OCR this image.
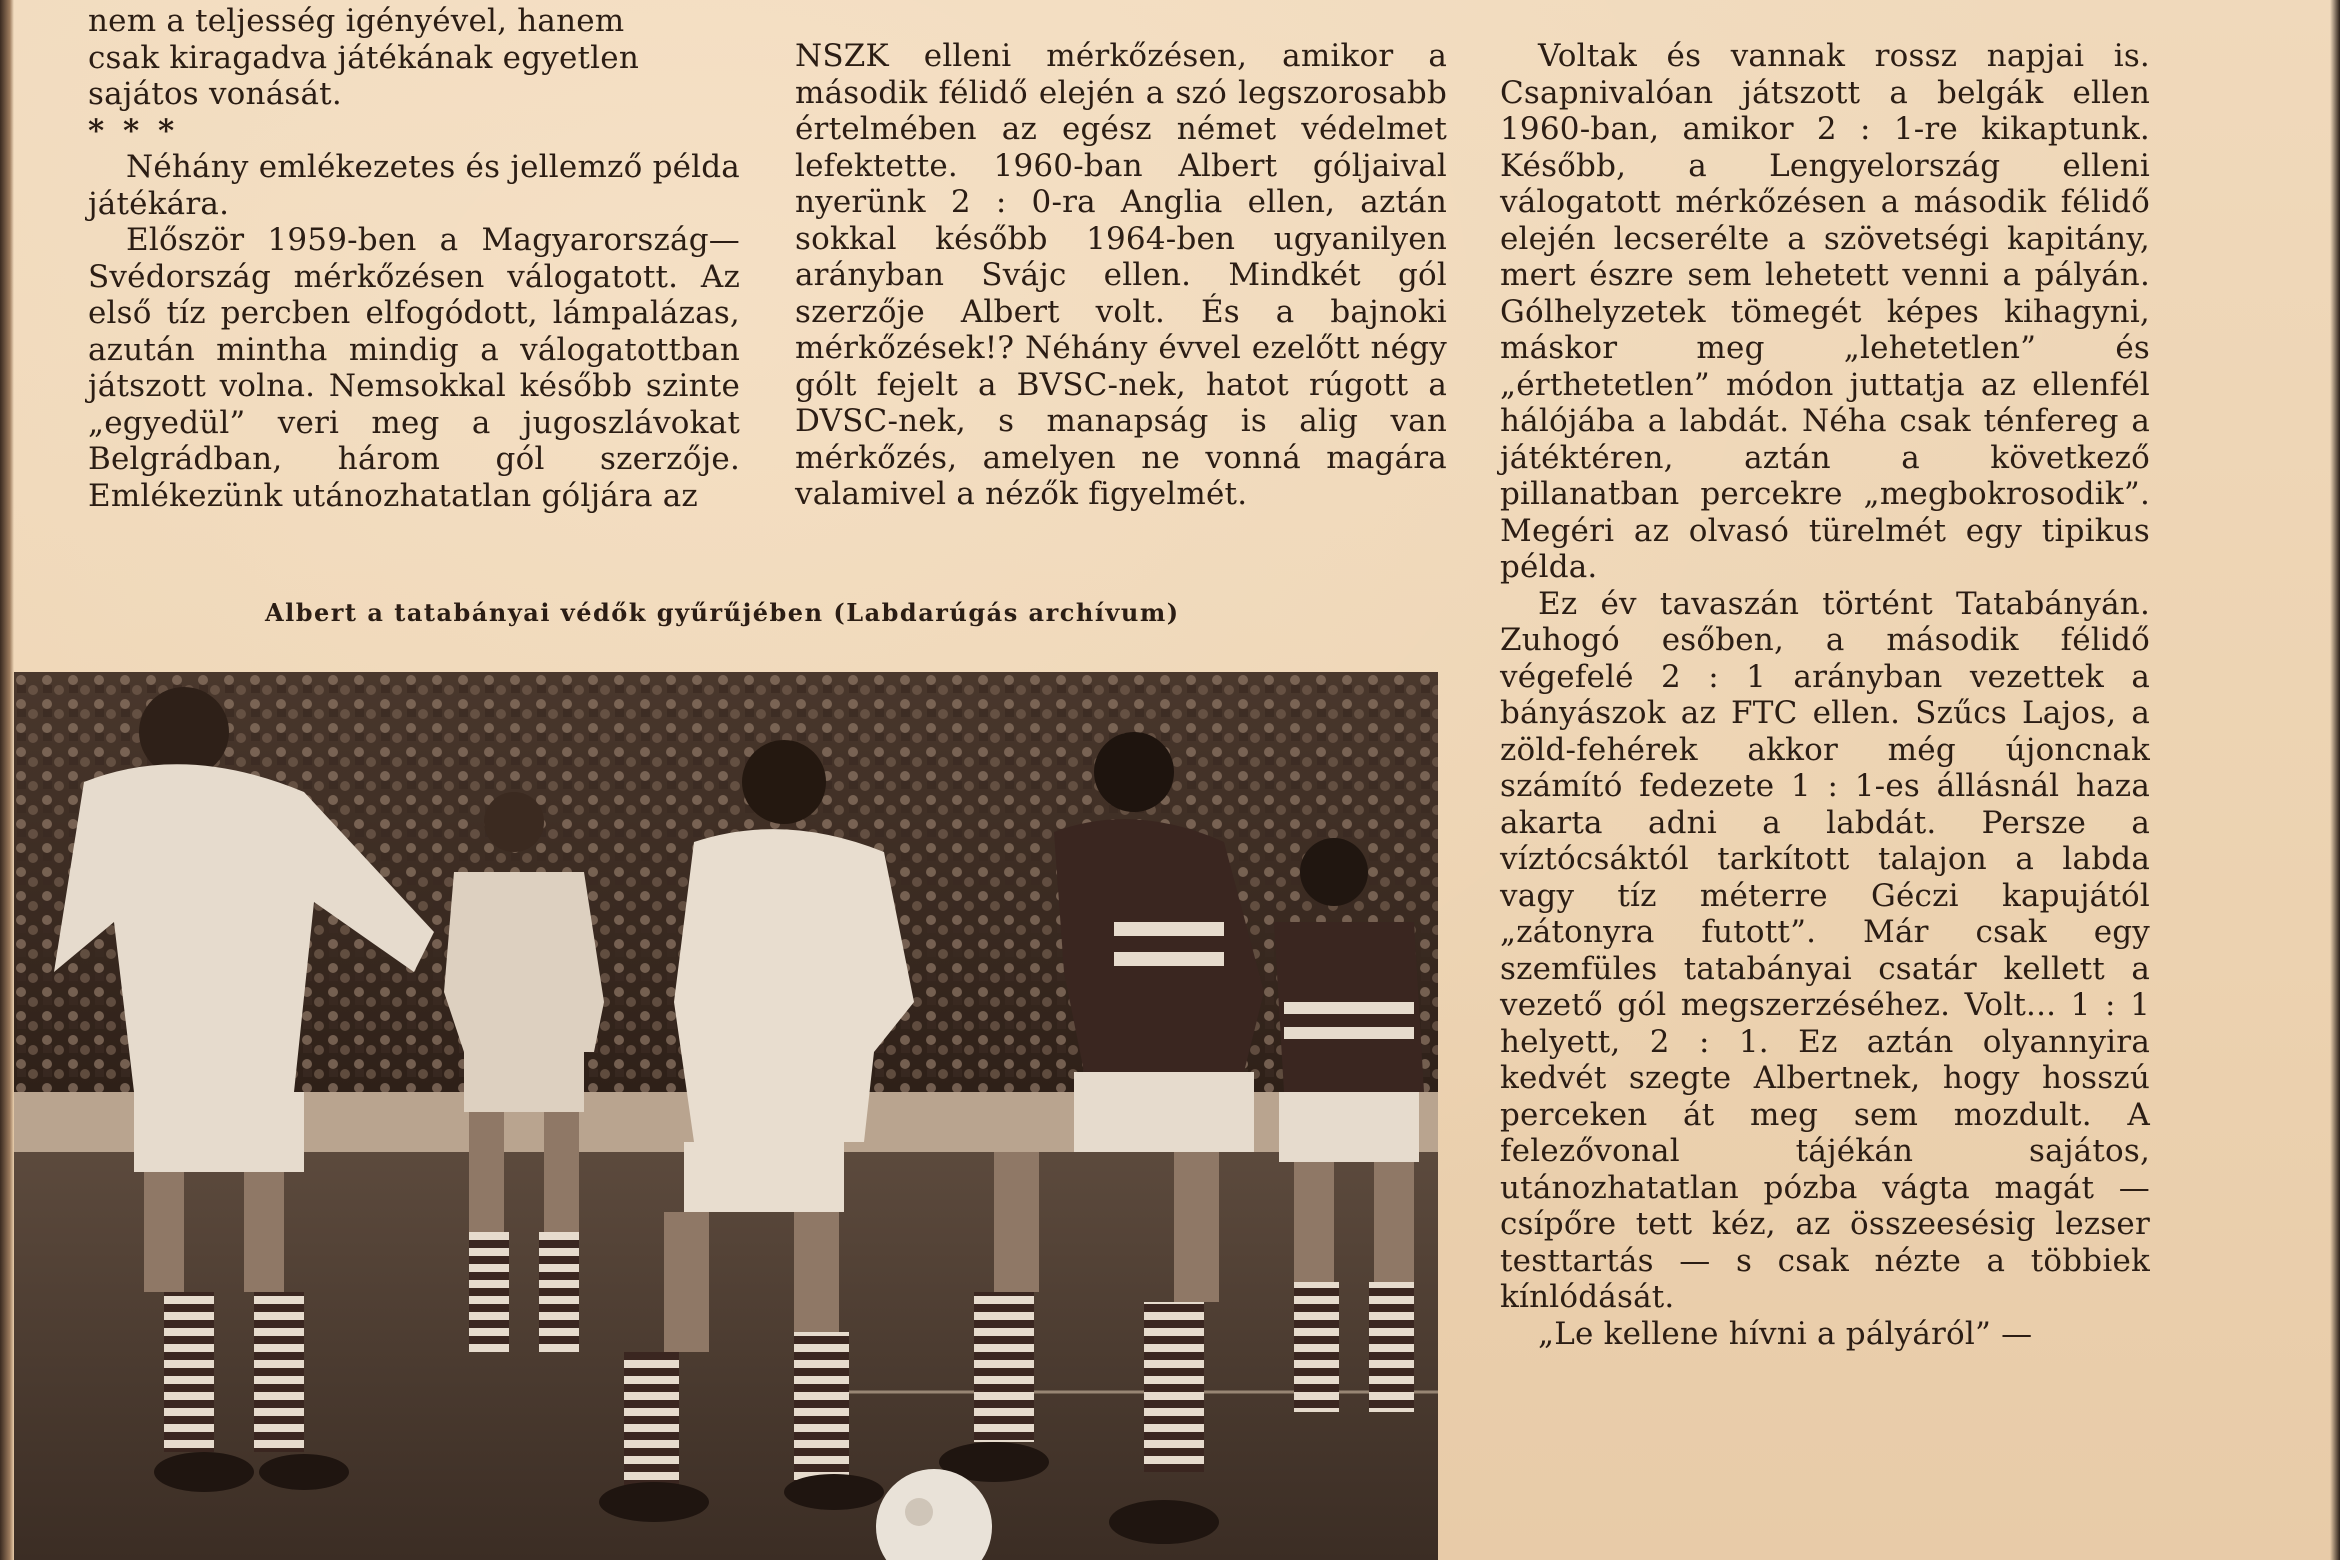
nem a teljesség igényével, hanem

csak kiragadva játékának egyetlen

sajátos vonását.

* * *

Néhány emlékezetes és jellemző példa játékára.

Először 1959-ben a Magyarország—Svédország mérkőzésen válogatott. Az első tíz percben elfogódott, lámpalázas, azután mintha mindig a válogatottban játszott volna. Nemsokkal később szinte „egyedül” veri meg a jugoszlávokat Belgrádban, három gól szerzője. Emlékezünk utánozhatatlan góljára az

NSZK elleni mérkőzésen, amikor a második félidő elején a szó legszorosabb értelmében az egész német védelmet lefektette. 1960-ban Albert góljaival nyerünk 2 : 0-ra Anglia ellen, aztán sokkal később 1964-ben ugyanilyen arányban Svájc ellen. Mindkét gól szerzője Albert volt. És a bajnoki mérkőzések!? Néhány évvel ezelőtt négy gólt fejelt a BVSC-nek, hatot rúgott a DVSC-nek, s manapság is alig van mérkőzés, amelyen ne vonná magára valamivel a nézők figyelmét.

Voltak és vannak rossz napjai is. Csapnivalóan játszott a belgák ellen 1960-ban, amikor 2 : 1-re kikaptunk. Később, a Lengyelország elleni válogatott mérkőzésen a második félidő elején lecserélte a szövetségi kapitány, mert észre sem lehetett venni a pályán. Gólhelyzetek tömegét képes kihagyni, máskor meg „lehetetlen” és „érthetetlen” módon juttatja az ellenfél hálójába a labdát. Néha csak ténfereg a játéktéren, aztán a következő pillanatban percekre „megbokrosodik”. Megéri az olvasó türelmét egy tipikus példa.

Ez év tavaszán történt Tatabányán. Zuhogó esőben, a második félidő végefelé 2 : 1 arányban vezettek a bányászok az FTC ellen. Szűcs Lajos, a zöld-fehérek akkor még újoncnak számító fedezete 1 : 1-es állásnál haza akarta adni a labdát. Persze a víztócsáktól tarkított talajon a labda vagy tíz méterre Géczi kapujától „zátonyra futott”. Már csak egy szemfüles tatabányai csatár kellett a vezető gól megszerzéséhez. Volt... 1 : 1 helyett, 2 : 1. Ez aztán olyannyira kedvét szegte Albertnek, hogy hosszú perceken át meg sem mozdult. A felezővonal tájékán sajátos, utánozhatatlan pózba vágta magát — csípőre tett kéz, az összeesésig lezser testtartás — s csak nézte a többiek kínlódását.

„Le kellene hívni a pályáról” —

Albert a tatabányai védők gyűrűjében (Labdarúgás archívum)
